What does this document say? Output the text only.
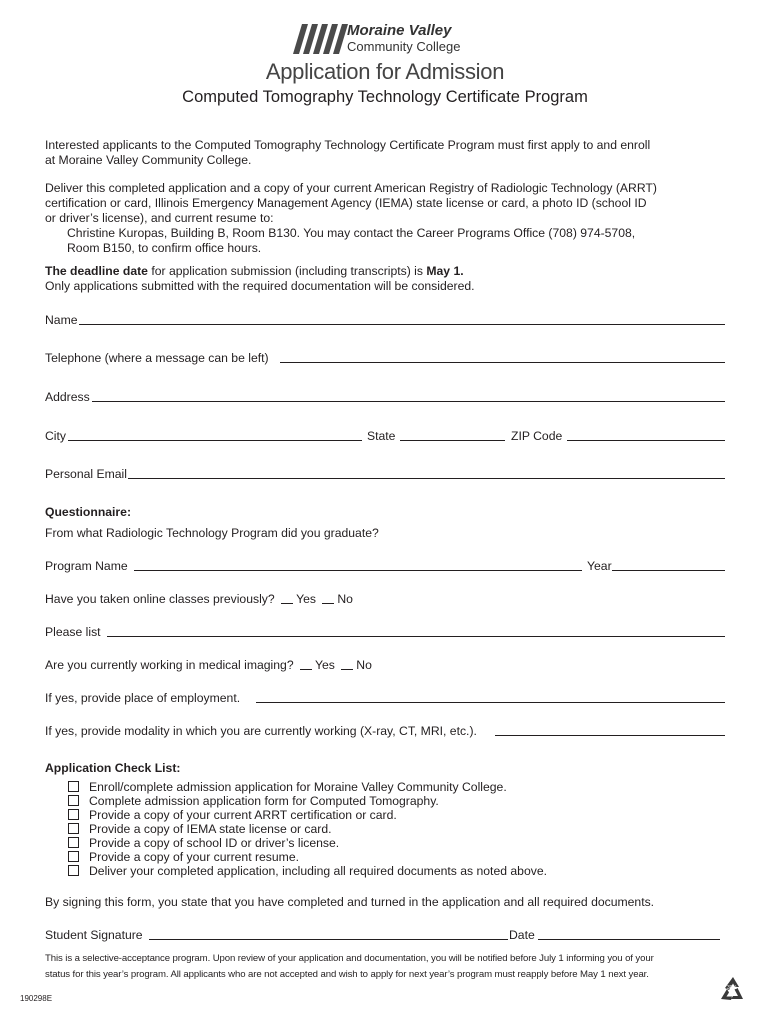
Moraine Valley
Community College
Application for Admission
Computed Tomography Technology Certificate Program
Interested applicants to the Computed Tomography Technology Certificate Program must first apply to and enroll
at Moraine Valley Community College.
Deliver this completed application and a copy of your current American Registry of Radiologic Technology (ARRT)
certification or card, Illinois Emergency Management Agency (IEMA) state license or card, a photo ID (school ID
or driver’s license), and current resume to:
Christine Kuropas, Building B, Room B130. You may contact the Career Programs Office (708) 974-5708,
Room B150, to confirm office hours.
The deadline date for application submission (including transcripts) is May 1.
Only applications submitted with the required documentation will be considered.
Name
Telephone (where a message can be left)
Address
City	State	ZIP Code
Personal Email
Questionnaire:
From what Radiologic Technology Program did you graduate?
Program Name	Year
Have you taken online classes previously? Yes No
Please list
Are you currently working in medical imaging? Yes No
If yes, provide place of employment.
If yes, provide modality in which you are currently working (X-ray, CT, MRI, etc.).
Application Check List:
Enroll/complete admission application for Moraine Valley Community College.
Complete admission application form for Computed Tomography.
Provide a copy of your current ARRT certification or card.
Provide a copy of IEMA state license or card.
Provide a copy of school ID or driver’s license.
Provide a copy of your current resume.
Deliver your completed application, including all required documents as noted above.
By signing this form, you state that you have completed and turned in the application and all required documents.
Student Signature	Date
This is a selective-acceptance program. Upon review of your application and documentation, you will be notified before July 1 informing you of your
status for this year’s program. All applicants who are not accepted and wish to apply for next year’s program must reapply before May 1 next year.
190298E
30%
